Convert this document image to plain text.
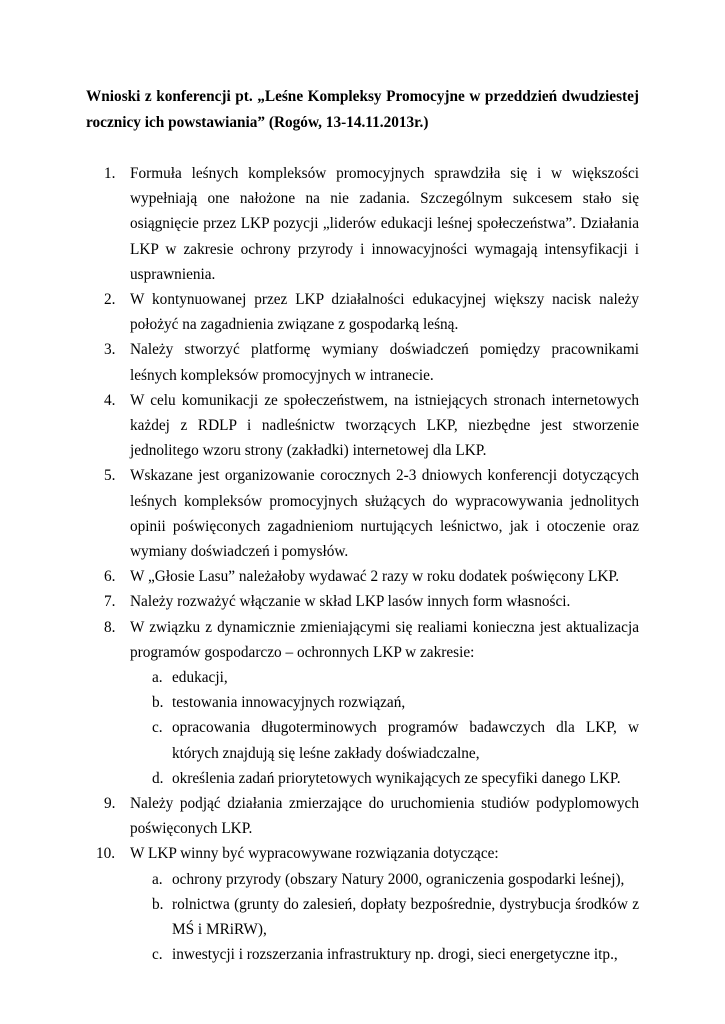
Wnioski z konferencji pt. „Leśne Kompleksy Promocyjne w przeddzień dwudziestej
rocznicy ich powstawiania” (Rogów, 13-14.11.2013r.)
1. Formuła leśnych kompleksów promocyjnych sprawdziła się i w większości wypełniają one nałożone na nie zadania. Szczególnym sukcesem stało się osiągnięcie przez LKP pozycji „liderów edukacji leśnej społeczeństwa”. Działania LKP w zakresie ochrony przyrody i innowacyjności wymagają intensyfikacji i usprawnienia.
2. W kontynuowanej przez LKP działalności edukacyjnej większy nacisk należy położyć na zagadnienia związane z gospodarką leśną.
3. Należy stworzyć platformę wymiany doświadczeń pomiędzy pracownikami leśnych kompleksów promocyjnych w intranecie.
4. W celu komunikacji ze społeczeństwem, na istniejących stronach internetowych każdej z RDLP i nadleśnictw tworzących LKP, niezbędne jest stworzenie jednolitego wzoru strony (zakładki) internetowej dla LKP.
5. Wskazane jest organizowanie corocznych 2-3 dniowych konferencji dotyczących leśnych kompleksów promocyjnych służących do wypracowywania jednolitych opinii poświęconych zagadnieniom nurtujących leśnictwo, jak i otoczenie oraz wymiany doświadczeń i pomysłów.
6. W „Głosie Lasu” należałoby wydawać 2 razy w roku dodatek poświęcony LKP.
7. Należy rozważyć włączanie w skład LKP lasów innych form własności.
8. W związku z dynamicznie zmieniającymi się realiami konieczna jest aktualizacja programów gospodarczo – ochronnych LKP w zakresie:
a. edukacji,
b. testowania innowacyjnych rozwiązań,
c. opracowania długoterminowych programów badawczych dla LKP, w których znajdują się leśne zakłady doświadczalne,
d. określenia zadań priorytetowych wynikających ze specyfiki danego LKP.
9. Należy podjąć działania zmierzające do uruchomienia studiów podyplomowych poświęconych LKP.
10. W LKP winny być wypracowywane rozwiązania dotyczące:
a. ochrony przyrody (obszary Natury 2000, ograniczenia gospodarki leśnej),
b. rolnictwa (grunty do zalesień, dopłaty bezpośrednie, dystrybucja środków z MŚ i MRiRW),
c. inwestycji i rozszerzania infrastruktury np. drogi, sieci energetyczne itp.,
